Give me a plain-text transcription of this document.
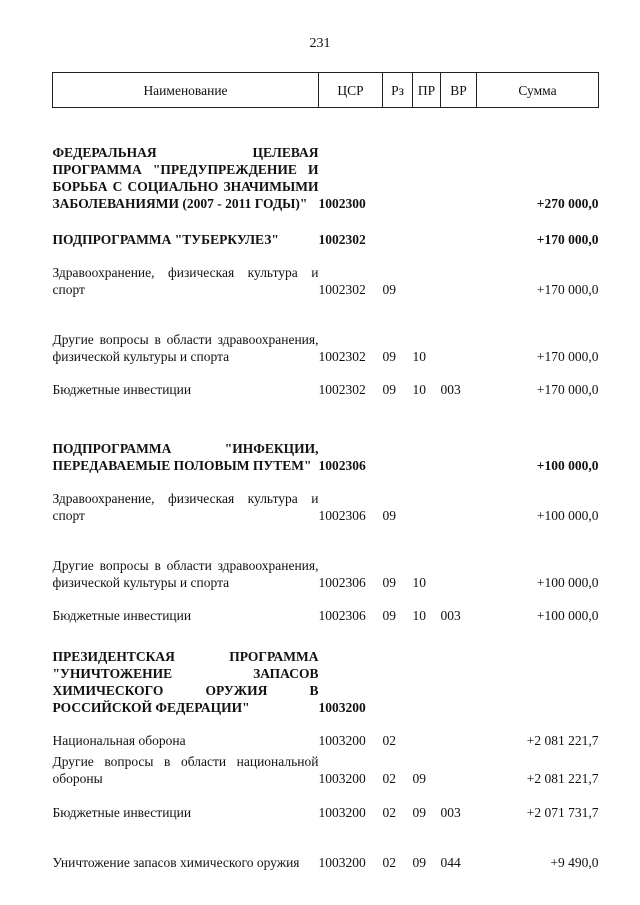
231
Наименование	ЦСР	Рз	ПР	ВР	Сумма

ФЕДЕРАЛЬНАЯ ЦЕЛЕВАЯ ПРОГРАММА "ПРЕДУПРЕЖДЕНИЕ И БОРЬБА С СОЦИАЛЬНО ЗНАЧИМЫМИ ЗАБОЛЕВАНИЯМИ (2007 - 2011 ГОДЫ)"	1002300				+270 000,0

ПОДПРОГРАММА "ТУБЕРКУЛЕЗ"	1002302				+170 000,0

Здравоохранение, физическая культура и спорт	1002302	09			+170 000,0

Другие вопросы в области здравоохранения, физической культуры и спорта	1002302	09	10		+170 000,0

Бюджетные инвестиции	1002302	09	10	003	+170 000,0

ПОДПРОГРАММА "ИНФЕКЦИИ, ПЕРЕДАВАЕМЫЕ ПОЛОВЫМ ПУТЕМ"	1002306				+100 000,0

Здравоохранение, физическая культура и спорт	1002306	09			+100 000,0

Другие вопросы в области здравоохранения, физической культуры и спорта	1002306	09	10		+100 000,0

Бюджетные инвестиции	1002306	09	10	003	+100 000,0

ПРЕЗИДЕНТСКАЯ ПРОГРАММА "УНИЧТОЖЕНИЕ ЗАПАСОВ ХИМИЧЕСКОГО ОРУЖИЯ В РОССИЙСКОЙ ФЕДЕРАЦИИ"	1003200				

Национальная оборона	1003200	02			+2 081 221,7

Другие вопросы в области национальной обороны	1003200	02	09		+2 081 221,7

Бюджетные инвестиции	1003200	02	09	003	+2 071 731,7

Уничтожение запасов химического оружия	1003200	02	09	044	+9 490,0
